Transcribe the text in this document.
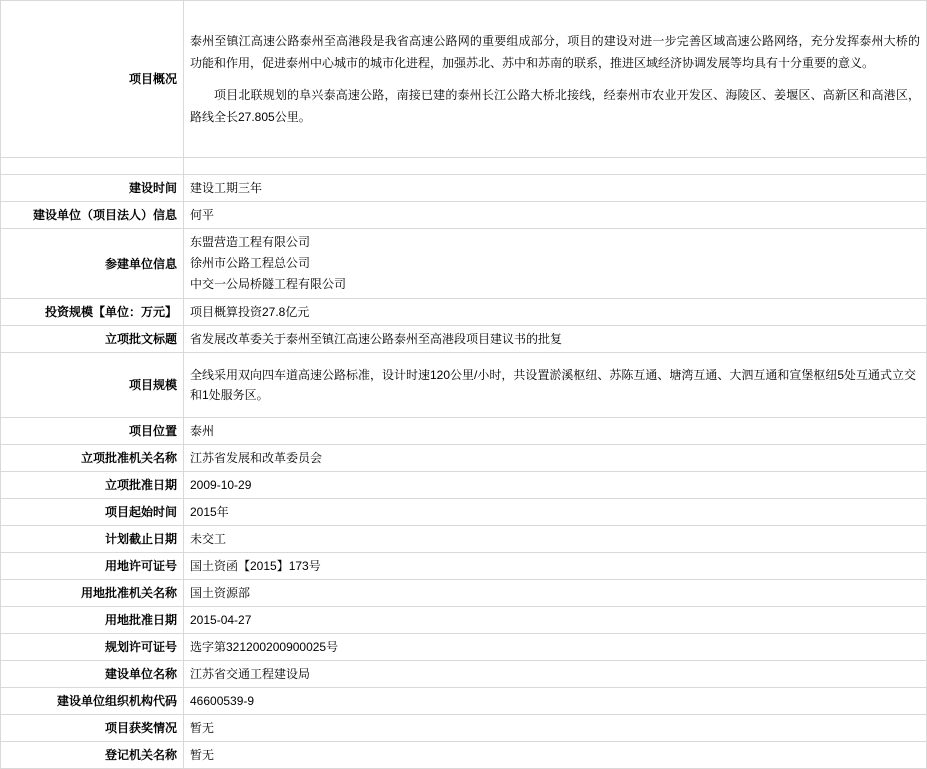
项目概况	泰州至镇江高速公路泰州至高港段是我省高速公路网的重要组成部分，项目的建设对进一步完善区域高速公路网络，充分发挥泰州大桥的功能和作用，促进泰州中心城市的城市化进程，加强苏北、苏中和苏南的联系，推进区域经济协调发展等均具有十分重要的意义。

项目北联规划的阜兴泰高速公路，南接已建的泰州长江公路大桥北接线，经泰州市农业开发区、海陵区、姜堰区、高新区和高港区，路线全长27.805公里。

建设时间	建设工期三年
建设单位（项目法人）信息	何平
参建单位信息	东盟营造工程有限公司
徐州市公路工程总公司
中交一公局桥隧工程有限公司

投资规模【单位：万元】	项目概算投资27.8亿元
立项批文标题	省发展改革委关于泰州至镇江高速公路泰州至高港段项目建议书的批复
项目规模	全线采用双向四车道高速公路标准，设计时速120公里/小时，共设置淤溪枢纽、苏陈互通、塘湾互通、大泗互通和宣堡枢纽5处互通式立交和1处服务区。
项目位置	泰州
立项批准机关名称	江苏省发展和改革委员会
立项批准日期	2009-10-29
项目起始时间	2015年
计划截止日期	未交工
用地许可证号	国土资函【2015】173号
用地批准机关名称	国土资源部
用地批准日期	2015-04-27
规划许可证号	选字第321200200900025号
建设单位名称	江苏省交通工程建设局
建设单位组织机构代码	46600539-9
项目获奖情况	暂无
登记机关名称	暂无
